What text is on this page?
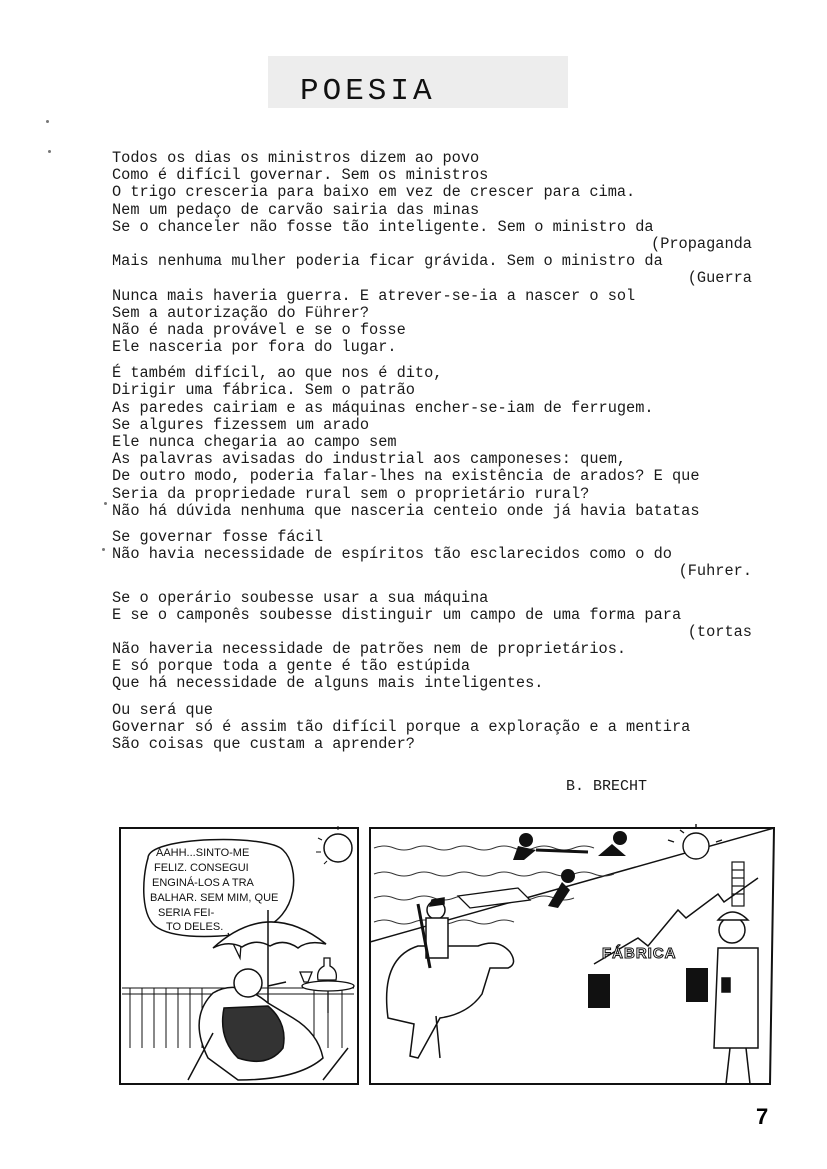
POESIA
Todos os dias os ministros dizem ao povo
Como é difícil governar. Sem os ministros
O trigo cresceria para baixo em vez de crescer para cima.
Nem um pedaço de carvão sairia das minas
Se o chanceler não fosse tão inteligente. Sem o ministro da
(Propaganda
Mais nenhuma mulher poderia ficar grávida. Sem o ministro da
(Guerra
Nunca mais haveria guerra. E atrever-se-ia a nascer o sol
Sem a autorização do Führer?
Não é nada provável e se o fosse
Ele nasceria por fora do lugar.
É também difícil, ao que nos é dito,
Dirigir uma fábrica. Sem o patrão
As paredes cairiam e as máquinas encher-se-iam de ferrugem.
Se algures fizessem um arado
Ele nunca chegaria ao campo sem
As palavras avisadas do industrial aos camponeses: quem,
De outro modo, poderia falar-lhes na existência de arados? E que
Seria da propriedade rural sem o proprietário rural?
Não há dúvida nenhuma que nasceria centeio onde já havia batatas
Se governar fosse fácil
Não havia necessidade de espíritos tão esclarecidos como o do
(Fuhrer.
Se o operário soubesse usar a sua máquina
E se o camponês soubesse distinguir um campo de uma forma para
(tortas
Não haveria necessidade de patrões nem de proprietários.
E só porque toda a gente é tão estúpida
Que há necessidade de alguns mais inteligentes.
Ou será que
Governar só é assim tão difícil porque a exploração e a mentira
São coisas que custam a aprender?
B. BRECHT
AAHH...SINTO-ME FELIZ. CONSEGUI ENGINÁ-LOS A TRA BALHAR. SEM MIM, QUE SERIA FEI-TO DELES.
FÁBRICA
7
